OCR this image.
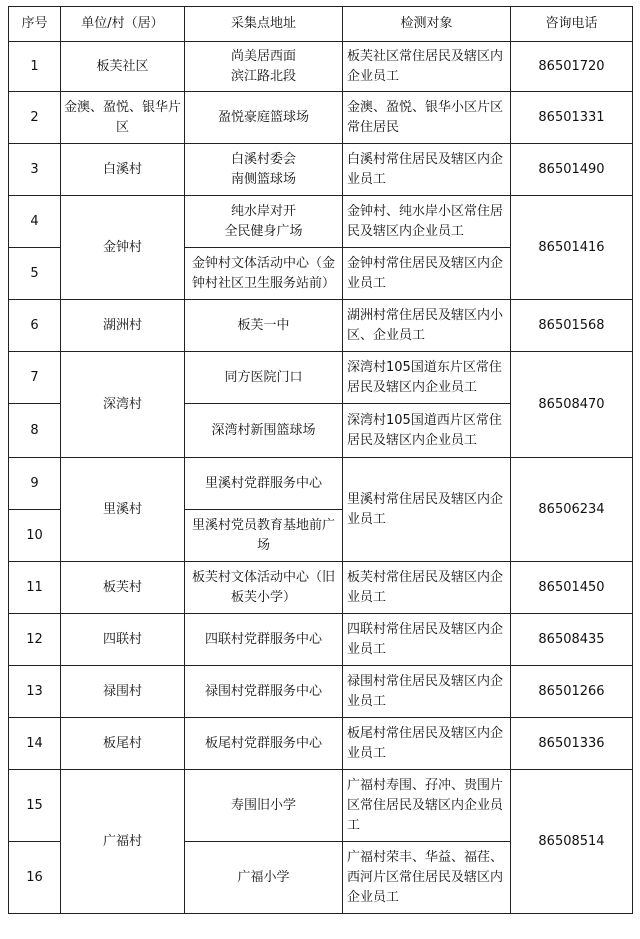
序号	单位/村（居）	采集点地址	检测对象	咨询电话
1	板芙社区	尚美居西面
滨江路北段	板芙社区常住居民及辖区内企业员工	86501720
2	金澳、盈悦、银华片区	盈悦豪庭篮球场	金澳、盈悦、银华小区片区常住居民	86501331
3	白溪村	白溪村委会
南侧篮球场	白溪村常住居民及辖区内企业员工	86501490
4	金钟村	纯水岸对开
全民健身广场	金钟村、纯水岸小区常住居民及辖区内企业员工	86501416
5		金钟村文体活动中心（金钟村社区卫生服务站前）	金钟村常住居民及辖区内企业员工	
6	湖洲村	板芙一中	湖洲村常住居民及辖区内小区、企业员工	86501568
7	深湾村	同方医院门口	深湾村105国道东片区常住居民及辖区内企业员工	86508470
8		深湾村新围篮球场	深湾村105国道西片区常住居民及辖区内企业员工	
9	里溪村	里溪村党群服务中心	里溪村常住居民及辖区内企业员工	86506234
10		里溪村党员教育基地前广场		
11	板芙村	板芙村文体活动中心（旧板芙小学）	板芙村常住居民及辖区内企业员工	86501450
12	四联村	四联村党群服务中心	四联村常住居民及辖区内企业员工	86508435
13	禄围村	禄围村党群服务中心	禄围村常住居民及辖区内企业员工	86501266
14	板尾村	板尾村党群服务中心	板尾村常住居民及辖区内企业员工	86501336
15	广福村	寿围旧小学	广福村寿围、孖冲、贵围片区常住居民及辖区内企业员工	86508514
16		广福小学	广福村荣丰、华益、福荏、西河片区常住居民及辖区内企业员工	
